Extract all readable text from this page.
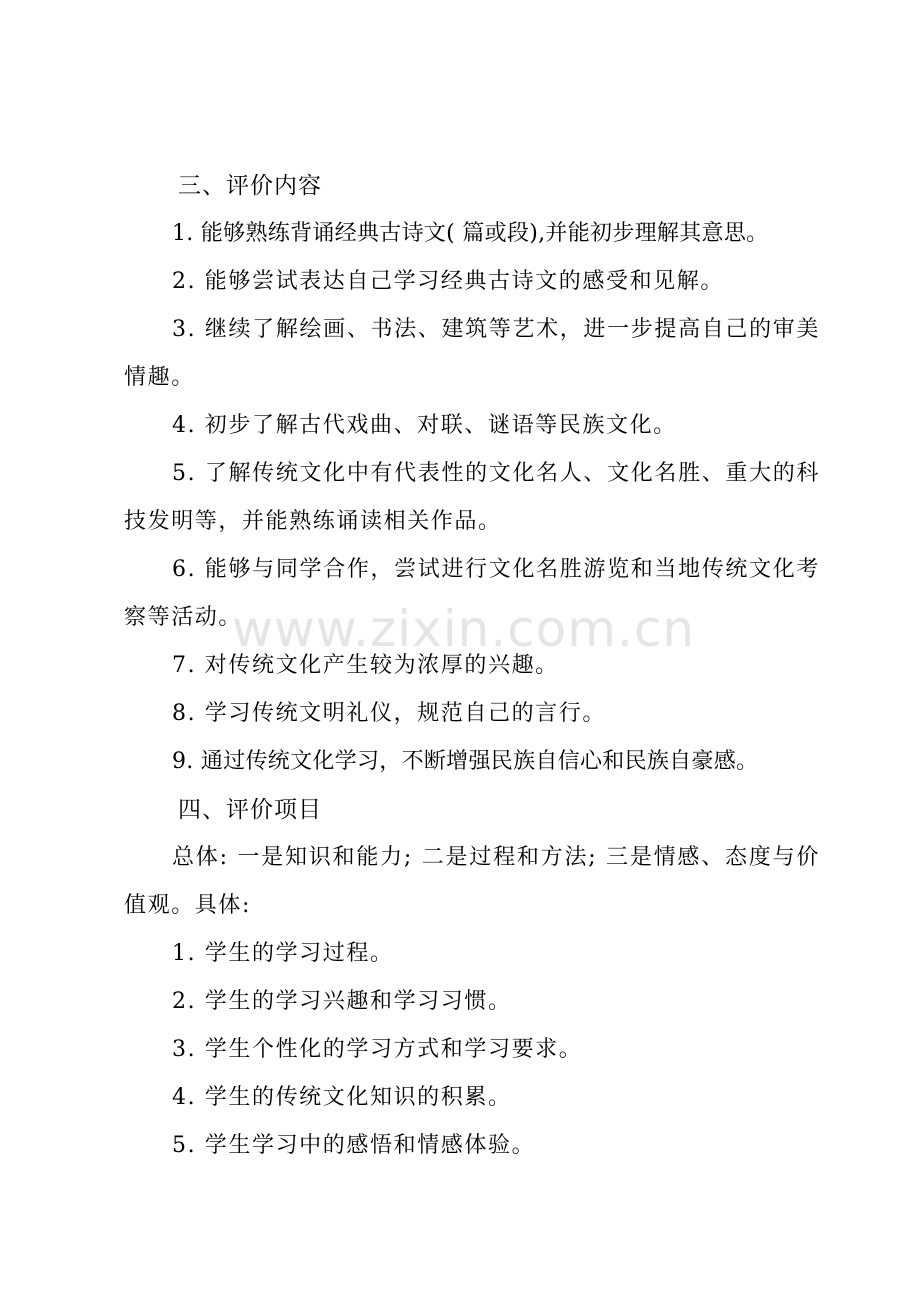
三、评价内容
1. 能够熟练背诵经典古诗文( 篇或段),并能初步理解其意思。
2. 能够尝试表达自己学习经典古诗文的感受和见解。
3. 继续了解绘画、书法、建筑等艺术，进一步提高自己的审美情趣。
4. 初步了解古代戏曲、对联、谜语等民族文化。
5. 了解传统文化中有代表性的文化名人、文化名胜、重大的科技发明等，并能熟练诵读相关作品。
6. 能够与同学合作，尝试进行文化名胜游览和当地传统文化考察等活动。
7. 对传统文化产生较为浓厚的兴趣。
8. 学习传统文明礼仪，规范自己的言行。
9. 通过传统文化学习，不断增强民族自信心和民族自豪感。
四、评价项目
总体: 一是知识和能力; 二是过程和方法; 三是情感、态度与价值观。具体:
1. 学生的学习过程。
2. 学生的学习兴趣和学习习惯。
3. 学生个性化的学习方式和学习要求。
4. 学生的传统文化知识的积累。
5. 学生学习中的感悟和情感体验。
www.zixin.com.cn
